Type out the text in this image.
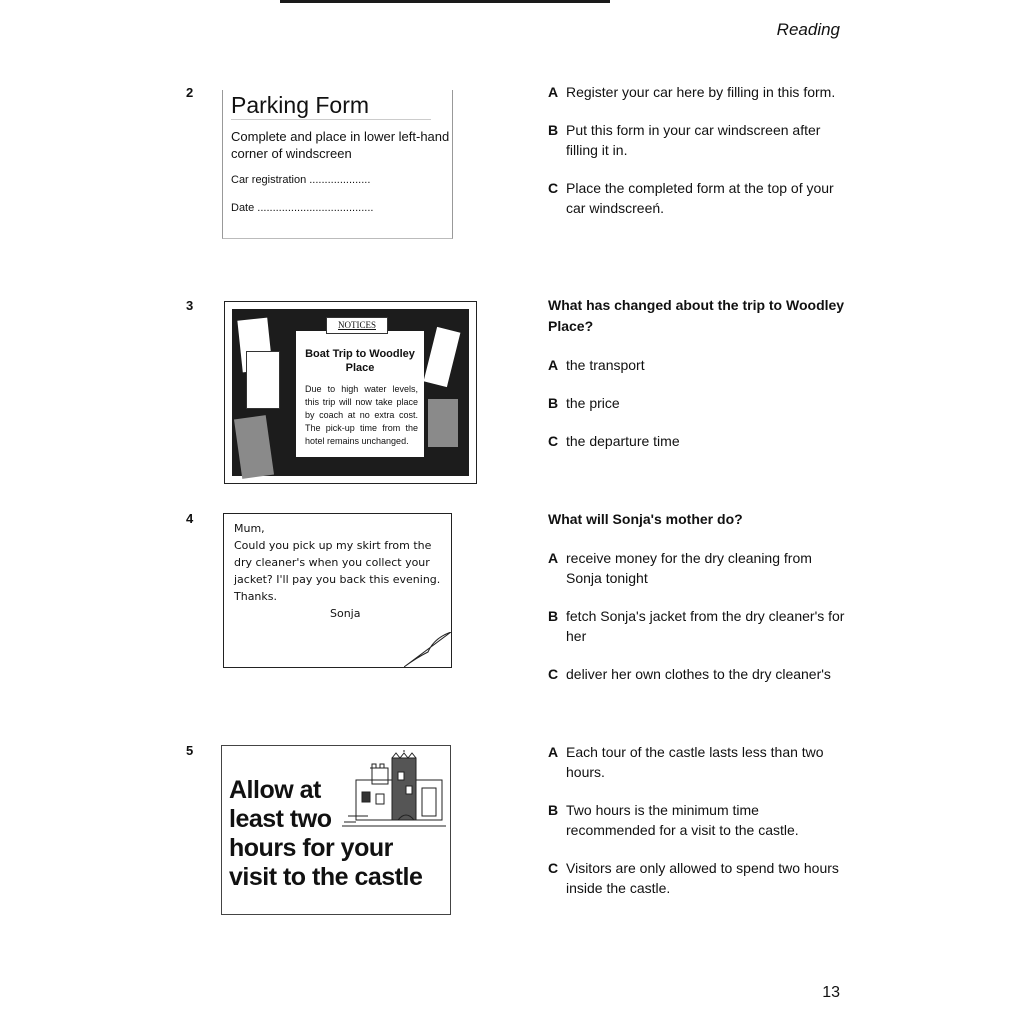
Reading
2 Parking Form
Complete and place in lower left-hand corner of windscreen
Car registration ....................
Date ......................................
A Register your car here by filling in this form.
B Put this form in your car windscreen after filling it in.
C Place the completed form at the top of your car windscreeń.
3
Boat Trip to Woodley Place
Due to high water levels, this trip will now take place by coach at no extra cost. The pick-up time from the hotel remains unchanged.
NOTICES
What has changed about the trip to Woodley Place?
A the transport
B the price
C the departure time
4
Mum,
Could you pick up my skirt from the dry cleaner's when you collect your jacket? I'll pay you back this evening.
Thanks.
Sonja
What will Sonja's mother do?
A receive money for the dry cleaning from Sonja tonight
B fetch Sonja's jacket from the dry cleaner's for her
C deliver her own clothes to the dry cleaner's
5
Allow at
least two
hours for your
visit to the castle
A Each tour of the castle lasts less than two hours.
B Two hours is the minimum time recommended for a visit to the castle.
C Visitors are only allowed to spend two hours inside the castle.
13
